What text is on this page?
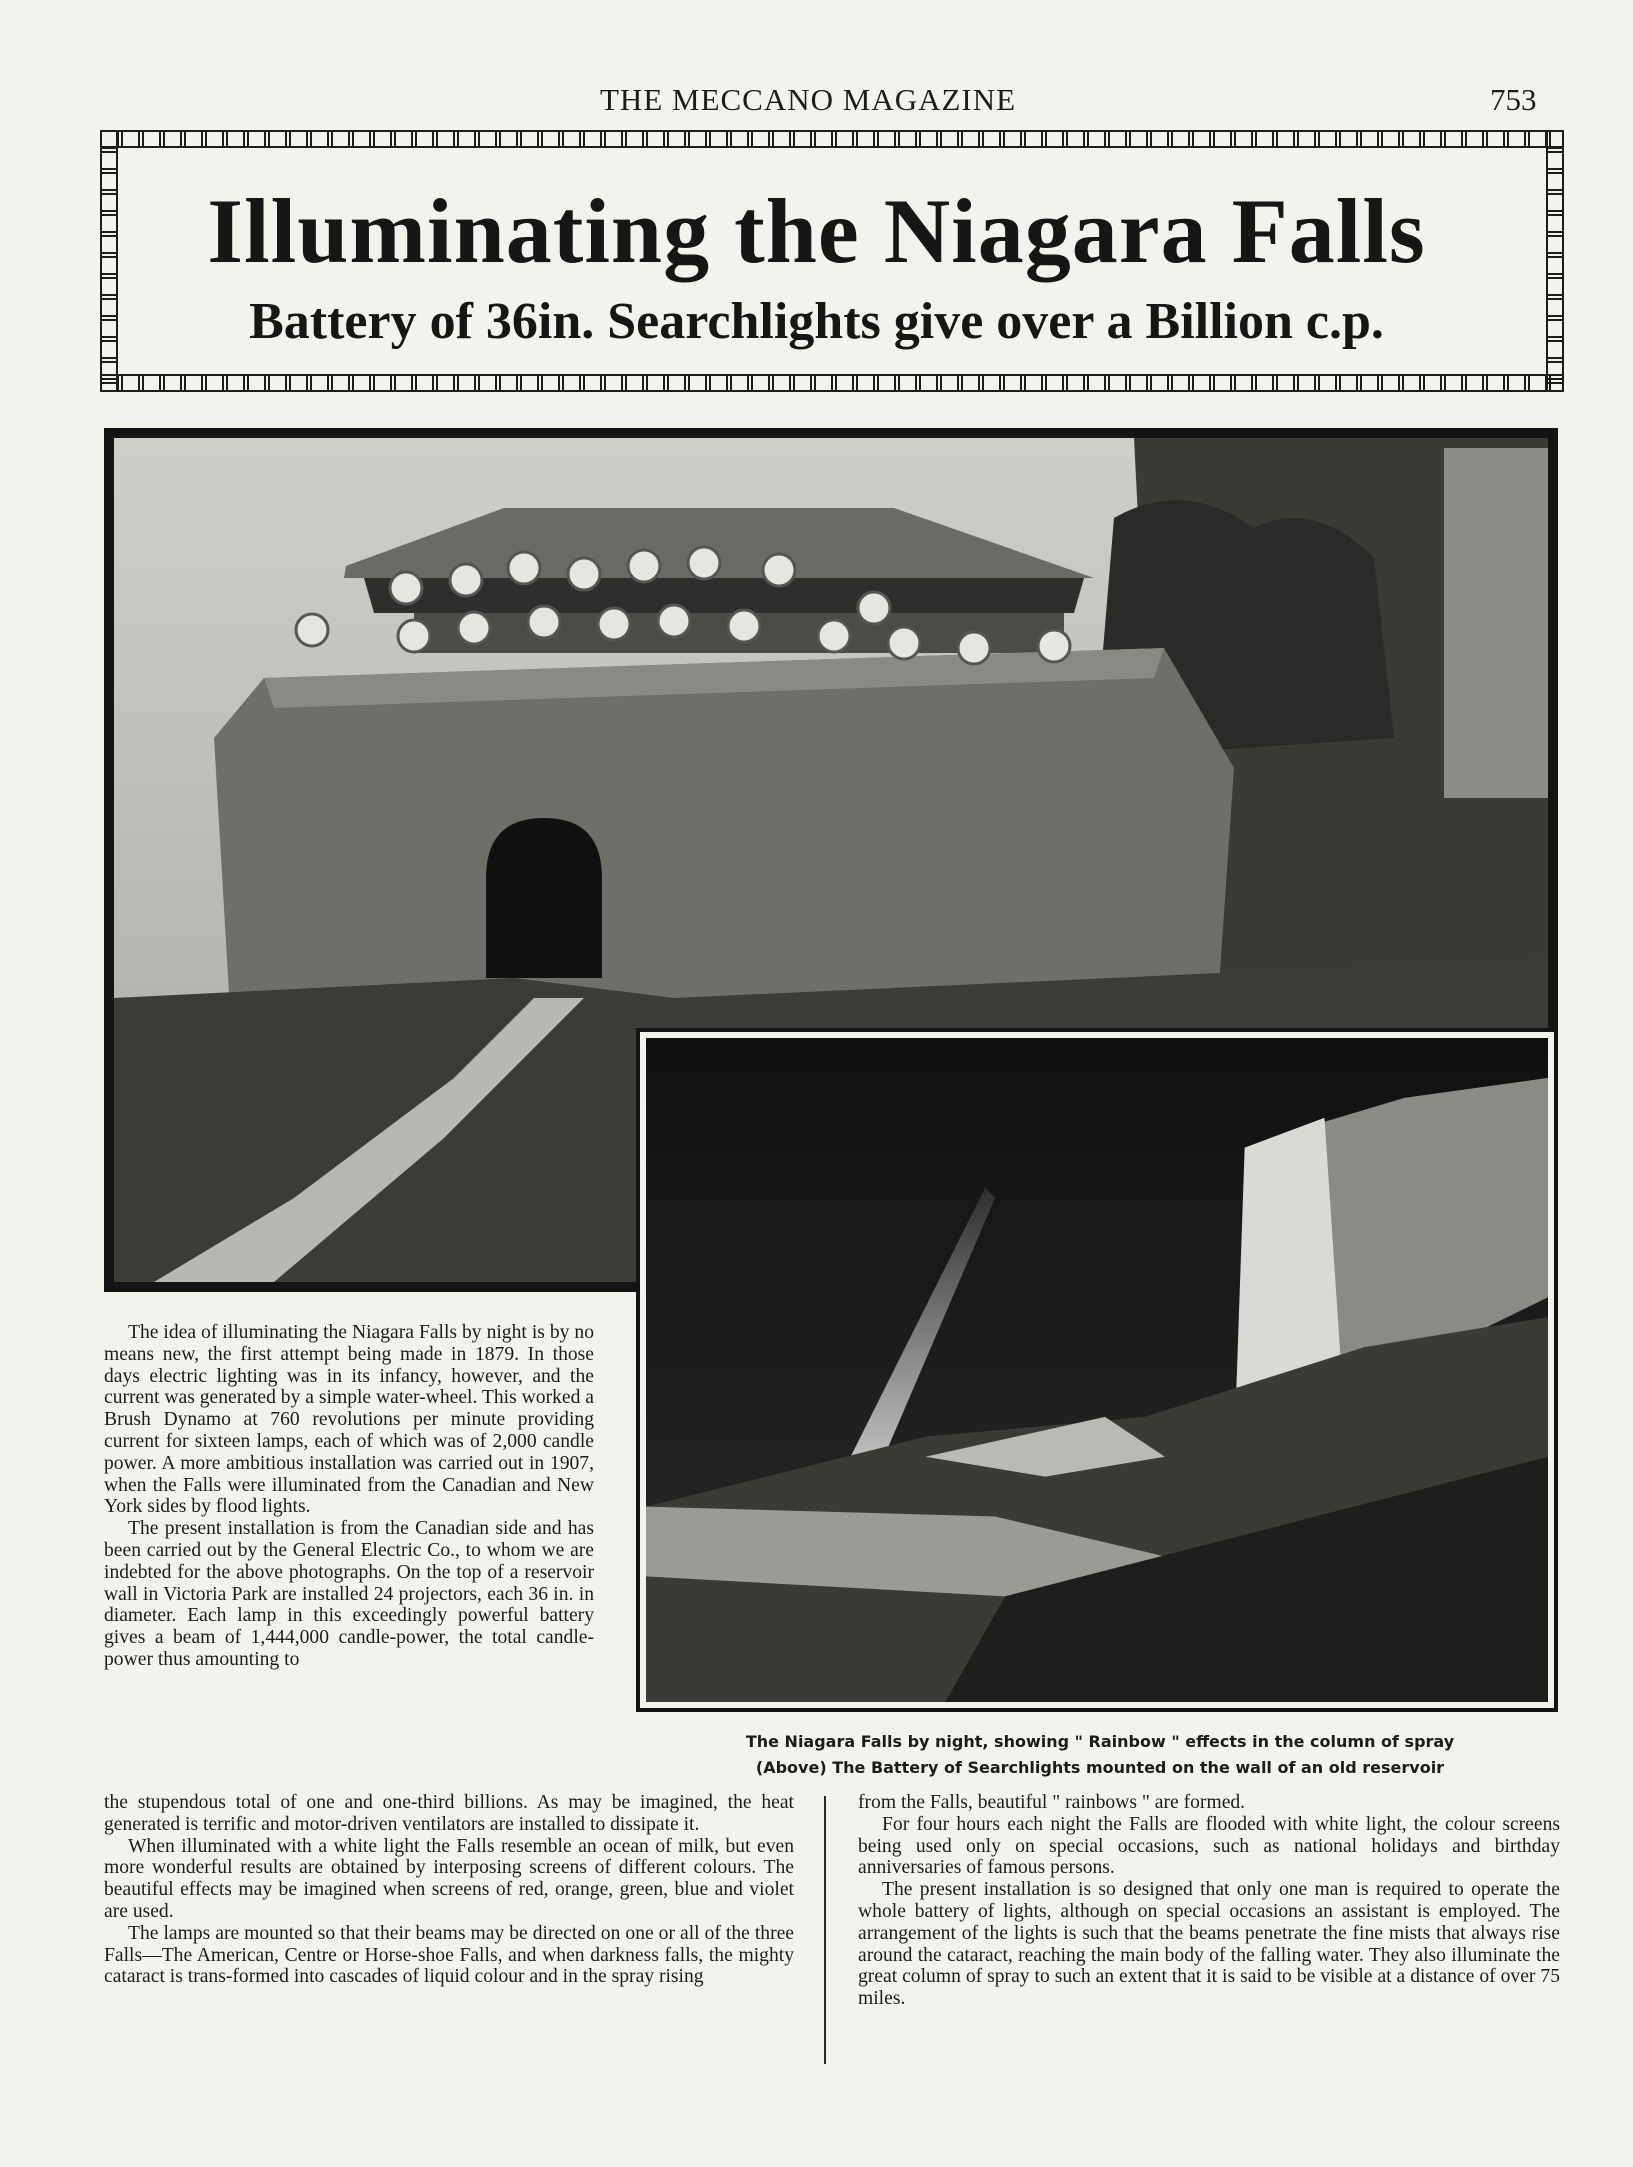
THE MECCANO MAGAZINE	753
Illuminating the Niagara Falls
Battery of 36in. Searchlights give over a Billion c.p.

The Niagara Falls by night, showing " Rainbow " effects in the column of spray

(Above) The Battery of Searchlights mounted on the wall of an old reservoir

The idea of illuminating the Niagara Falls by night is by no means new, the first attempt being made in 1879. In those days electric lighting was in its infancy, however, and the current was generated by a simple water-wheel. This worked a Brush Dynamo at 760 revolutions per minute providing current for sixteen lamps, each of which was of 2,000 candle power. A more ambitious installation was carried out in 1907, when the Falls were illuminated from the Canadian and New York sides by flood lights.

The present installation is from the Canadian side and has been carried out by the General Electric Co., to whom we are indebted for the above photographs. On the top of a reservoir wall in Victoria Park are installed 24 projectors, each 36 in. in diameter. Each lamp in this exceedingly powerful battery gives a beam of 1,444,000 candle-power, the total candle-power thus amounting to

the stupendous total of one and one-third billions. As may be imagined, the heat generated is terrific and motor-driven ventilators are installed to dissipate it.

When illuminated with a white light the Falls resemble an ocean of milk, but even more wonderful results are obtained by interposing screens of different colours. The beautiful effects may be imagined when screens of red, orange, green, blue and violet are used.

The lamps are mounted so that their beams may be directed on one or all of the three Falls—The American, Centre or Horse-shoe Falls, and when darkness falls, the mighty cataract is trans-formed into cascades of liquid colour and in the spray rising

from the Falls, beautiful " rainbows " are formed.

For four hours each night the Falls are flooded with white light, the colour screens being used only on special occasions, such as national holidays and birthday anniversaries of famous persons.

The present installation is so designed that only one man is required to operate the whole battery of lights, although on special occasions an assistant is employed. The arrangement of the lights is such that the beams penetrate the fine mists that always rise around the cataract, reaching the main body of the falling water. They also illuminate the great column of spray to such an extent that it is said to be visible at a distance of over 75 miles.
